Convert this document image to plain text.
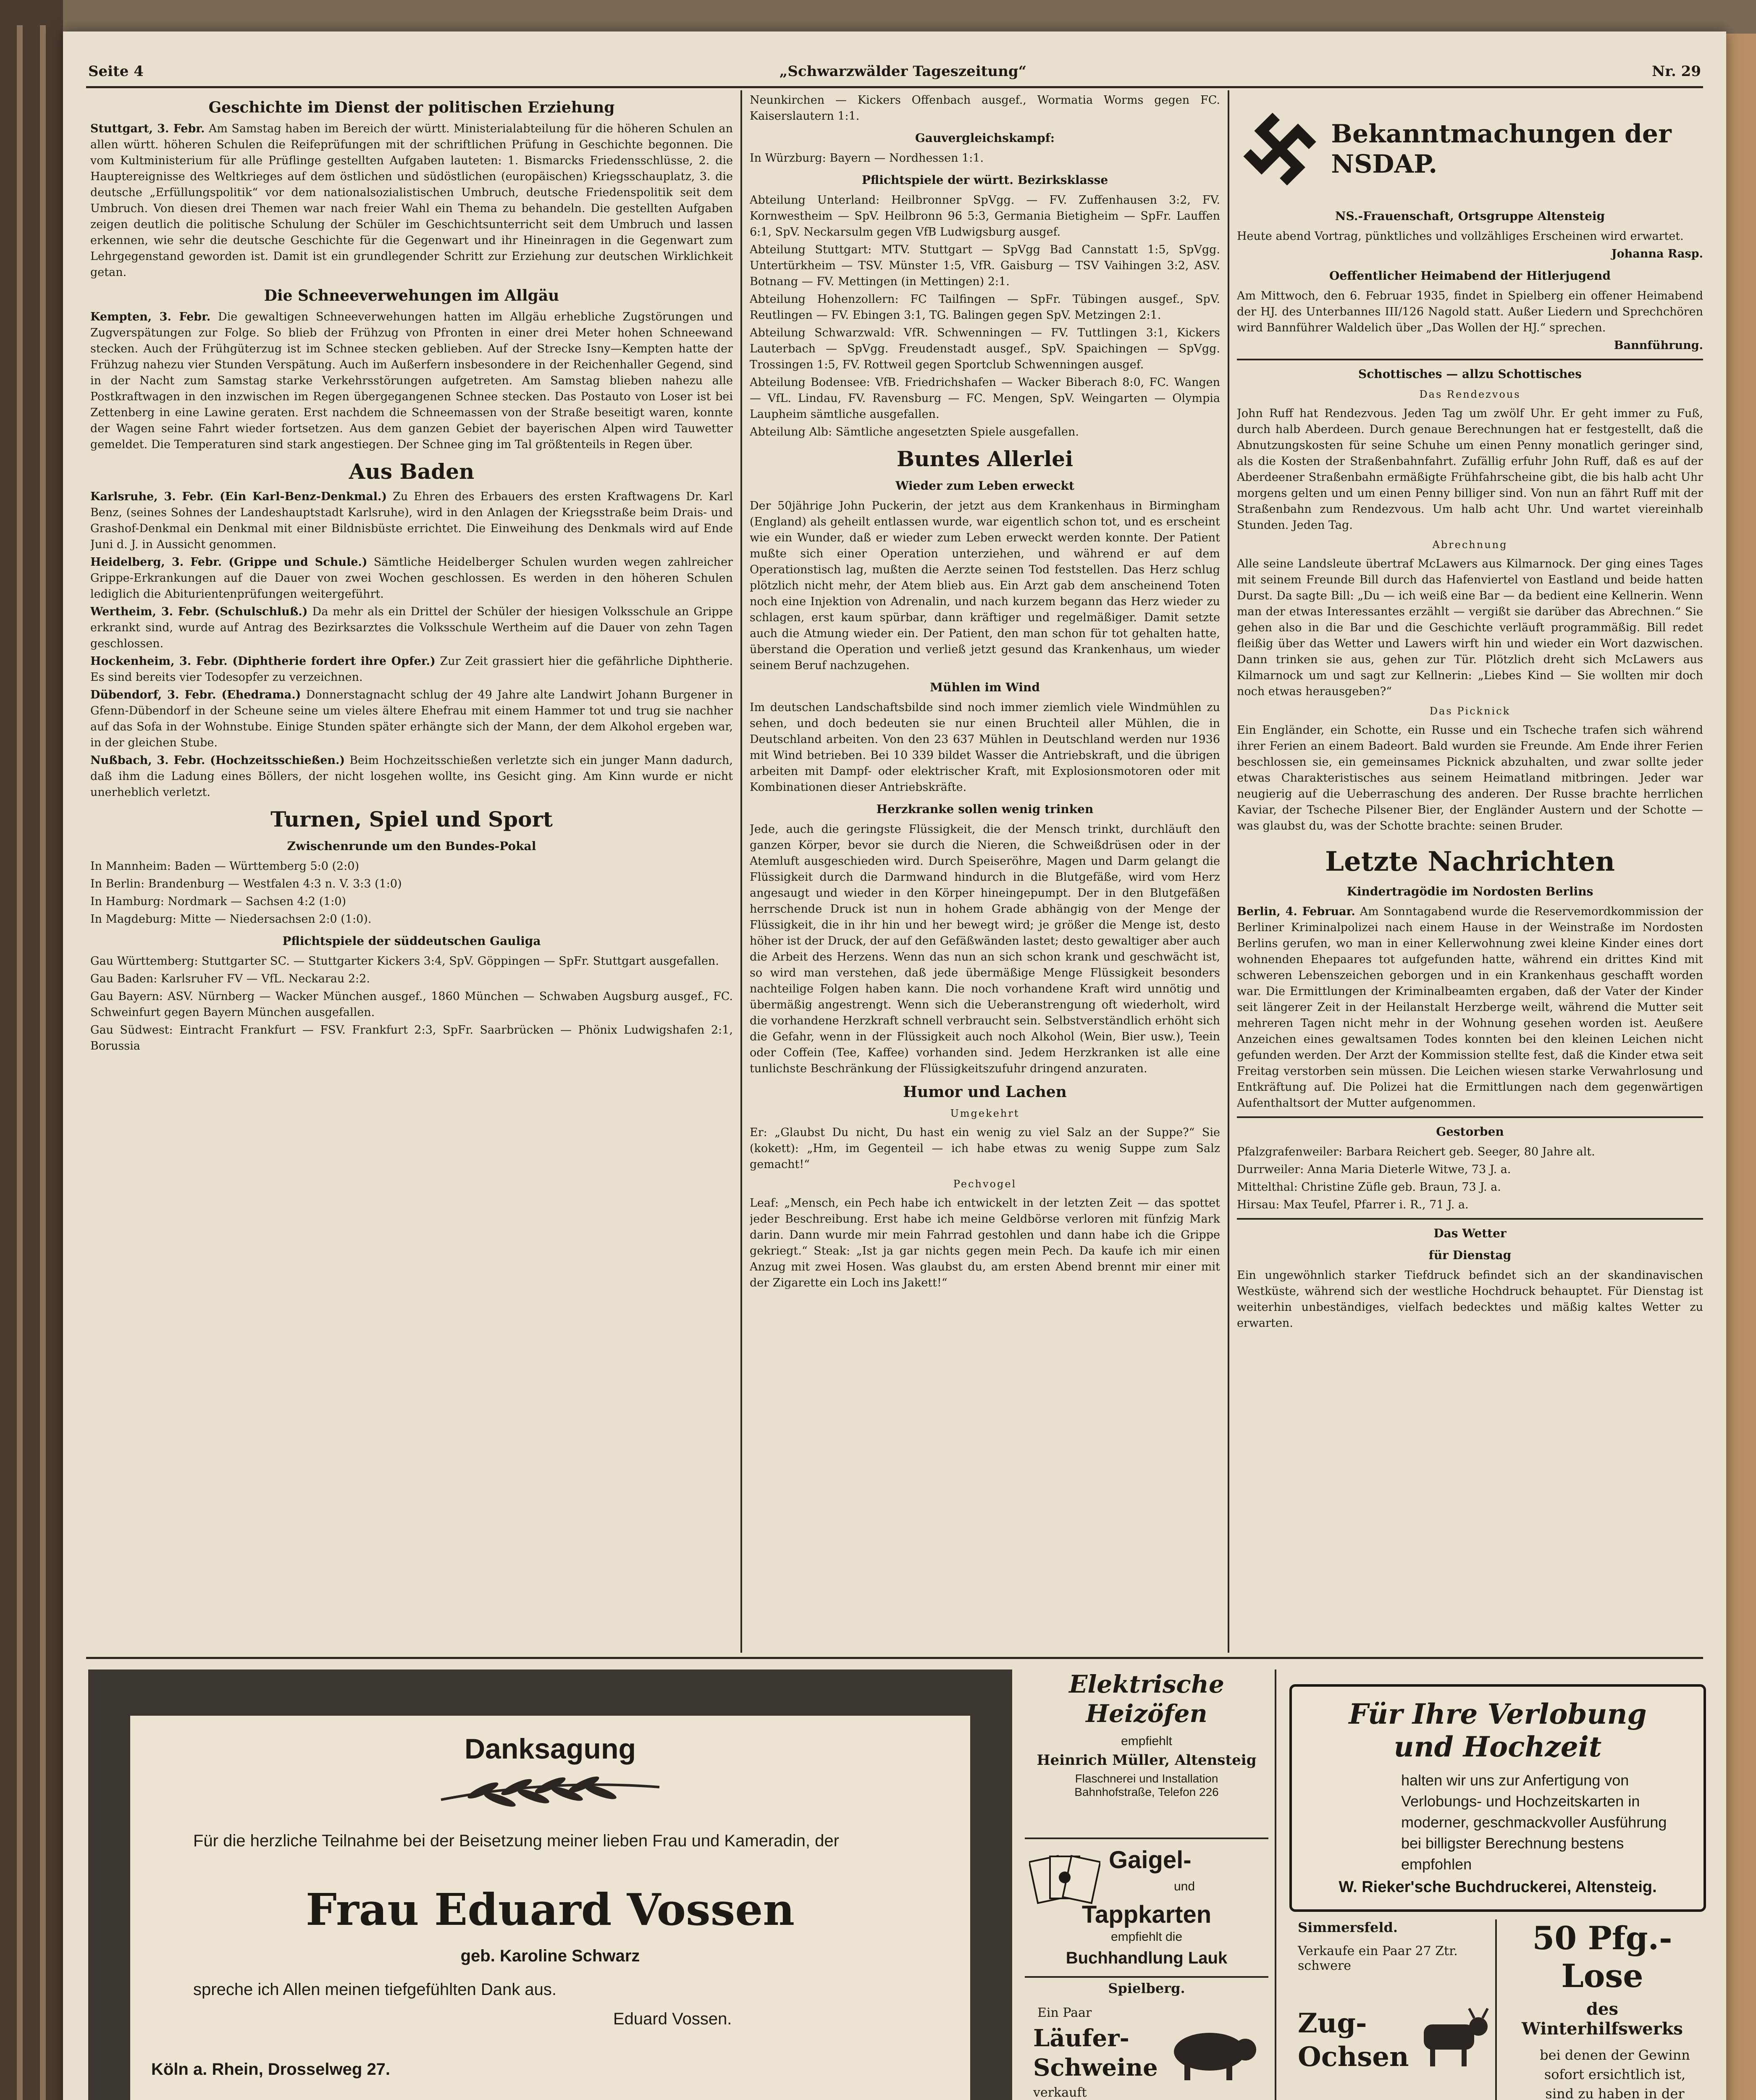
Seite 4	„Schwarzwälder Tageszeitung“	Nr. 29
Geschichte im Dienst der politischen Erziehung

Stuttgart, 3. Febr. Am Samstag haben im Bereich der württ. Ministerialabteilung für die höheren Schulen an allen württ. höheren Schulen die Reifeprüfungen mit der schriftlichen Prüfung in Geschichte begonnen. Die vom Kultministerium für alle Prüflinge gestellten Aufgaben lauteten: 1. Bismarcks Friedensschlüsse, 2. die Hauptereignisse des Weltkrieges auf dem östlichen und südöstlichen (europäischen) Kriegsschauplatz, 3. die deutsche „Erfüllungspolitik“ vor dem nationalsozialistischen Umbruch, deutsche Friedenspolitik seit dem Umbruch. Von diesen drei Themen war nach freier Wahl ein Thema zu behandeln. Die gestellten Aufgaben zeigen deutlich die politische Schulung der Schüler im Geschichtsunterricht seit dem Umbruch und lassen erkennen, wie sehr die deutsche Geschichte für die Gegenwart und ihr Hineinragen in die Gegenwart zum Lehrgegenstand geworden ist. Damit ist ein grundlegender Schritt zur Erziehung zur deutschen Wirklichkeit getan.

Die Schneeverwehungen im Allgäu

Kempten, 3. Febr. Die gewaltigen Schneeverwehungen hatten im Allgäu erhebliche Zugstörungen und Zugverspätungen zur Folge. So blieb der Frühzug von Pfronten in einer drei Meter hohen Schneewand stecken. Auch der Frühgüterzug ist im Schnee stecken geblieben. Auf der Strecke Isny—Kempten hatte der Frühzug nahezu vier Stunden Verspätung. Auch im Außerfern insbesondere in der Reichenhaller Gegend, sind in der Nacht zum Samstag starke Verkehrsstörungen aufgetreten. Am Samstag blieben nahezu alle Postkraftwagen in den inzwischen im Regen übergegangenen Schnee stecken. Das Postauto von Loser ist bei Zettenberg in eine Lawine geraten. Erst nachdem die Schneemassen von der Straße beseitigt waren, konnte der Wagen seine Fahrt wieder fortsetzen. Aus dem ganzen Gebiet der bayerischen Alpen wird Tauwetter gemeldet. Die Temperaturen sind stark angestiegen. Der Schnee ging im Tal größtenteils in Regen über.

Aus Baden

Karlsruhe, 3. Febr. (Ein Karl-Benz-Denkmal.) Zu Ehren des Erbauers des ersten Kraftwagens Dr. Karl Benz, (seines Sohnes der Landeshauptstadt Karlsruhe), wird in den Anlagen der Kriegsstraße beim Drais- und Grashof-Denkmal ein Denkmal mit einer Bildnisbüste errichtet. Die Einweihung des Denkmals wird auf Ende Juni d. J. in Aussicht genommen.

Heidelberg, 3. Febr. (Grippe und Schule.) Sämtliche Heidelberger Schulen wurden wegen zahlreicher Grippe-Erkrankungen auf die Dauer von zwei Wochen geschlossen. Es werden in den höheren Schulen lediglich die Abiturientenprüfungen weitergeführt.

Wertheim, 3. Febr. (Schulschluß.) Da mehr als ein Drittel der Schüler der hiesigen Volksschule an Grippe erkrankt sind, wurde auf Antrag des Bezirksarztes die Volksschule Wertheim auf die Dauer von zehn Tagen geschlossen.

Hockenheim, 3. Febr. (Diphtherie fordert ihre Opfer.) Zur Zeit grassiert hier die gefährliche Diphtherie. Es sind bereits vier Todesopfer zu verzeichnen.

Dübendorf, 3. Febr. (Ehedrama.) Donnerstagnacht schlug der 49 Jahre alte Landwirt Johann Burgener in Gfenn-Dübendorf in der Scheune seine um vieles ältere Ehefrau mit einem Hammer tot und trug sie nachher auf das Sofa in der Wohnstube. Einige Stunden später erhängte sich der Mann, der dem Alkohol ergeben war, in der gleichen Stube.

Nußbach, 3. Febr. (Hochzeitsschießen.) Beim Hochzeitsschießen verletzte sich ein junger Mann dadurch, daß ihm die Ladung eines Böllers, der nicht losgehen wollte, ins Gesicht ging. Am Kinn wurde er nicht unerheblich verletzt.

Turnen, Spiel und Sport
Zwischenrunde um den Bundes-Pokal

In Mannheim: Baden — Württemberg 5:0 (2:0)

In Berlin: Brandenburg — Westfalen 4:3 n. V. 3:3 (1:0)

In Hamburg: Nordmark — Sachsen 4:2 (1:0)

In Magdeburg: Mitte — Niedersachsen 2:0 (1:0).

Pflichtspiele der süddeutschen Gauliga

Gau Württemberg: Stuttgarter SC. — Stuttgarter Kickers 3:4, SpV. Göppingen — SpFr. Stuttgart ausgefallen.

Gau Baden: Karlsruher FV — VfL. Neckarau 2:2.

Gau Bayern: ASV. Nürnberg — Wacker München ausgef., 1860 München — Schwaben Augsburg ausgef., FC. Schweinfurt gegen Bayern München ausgefallen.

Gau Südwest: Eintracht Frankfurt — FSV. Frankfurt 2:3, SpFr. Saarbrücken — Phönix Ludwigshafen 2:1, Borussia

Neunkirchen — Kickers Offenbach ausgef., Wormatia Worms gegen FC. Kaiserslautern 1:1.

Gauvergleichskampf:

In Würzburg: Bayern — Nordhessen 1:1.

Pflichtspiele der württ. Bezirksklasse

Abteilung Unterland: Heilbronner SpVgg. — FV. Zuffenhausen 3:2, FV. Kornwestheim — SpV. Heilbronn 96 5:3, Germania Bietigheim — SpFr. Lauffen 6:1, SpV. Neckarsulm gegen VfB Ludwigsburg ausgef.

Abteilung Stuttgart: MTV. Stuttgart — SpVgg Bad Cannstatt 1:5, SpVgg. Untertürkheim — TSV. Münster 1:5, VfR. Gaisburg — TSV Vaihingen 3:2, ASV. Botnang — FV. Mettingen (in Mettingen) 2:1.

Abteilung Hohenzollern: FC Tailfingen — SpFr. Tübingen ausgef., SpV. Reutlingen — FV. Ebingen 3:1, TG. Balingen gegen SpV. Metzingen 2:1.

Abteilung Schwarzwald: VfR. Schwenningen — FV. Tuttlingen 3:1, Kickers Lauterbach — SpVgg. Freudenstadt ausgef., SpV. Spaichingen — SpVgg. Trossingen 1:5, FV. Rottweil gegen Sportclub Schwenningen ausgef.

Abteilung Bodensee: VfB. Friedrichshafen — Wacker Biberach 8:0, FC. Wangen — VfL. Lindau, FV. Ravensburg — FC. Mengen, SpV. Weingarten — Olympia Laupheim sämtliche ausgefallen.

Abteilung Alb: Sämtliche angesetzten Spiele ausgefallen.

Buntes Allerlei
Wieder zum Leben erweckt

Der 50jährige John Puckerin, der jetzt aus dem Krankenhaus in Birmingham (England) als geheilt entlassen wurde, war eigentlich schon tot, und es erscheint wie ein Wunder, daß er wieder zum Leben erweckt werden konnte. Der Patient mußte sich einer Operation unterziehen, und während er auf dem Operationstisch lag, mußten die Aerzte seinen Tod feststellen. Das Herz schlug plötzlich nicht mehr, der Atem blieb aus. Ein Arzt gab dem anscheinend Toten noch eine Injektion von Adrenalin, und nach kurzem begann das Herz wieder zu schlagen, erst kaum spürbar, dann kräftiger und regelmäßiger. Damit setzte auch die Atmung wieder ein. Der Patient, den man schon für tot gehalten hatte, überstand die Operation und verließ jetzt gesund das Krankenhaus, um wieder seinem Beruf nachzugehen.

Mühlen im Wind

Im deutschen Landschaftsbilde sind noch immer ziemlich viele Windmühlen zu sehen, und doch bedeuten sie nur einen Bruchteil aller Mühlen, die in Deutschland arbeiten. Von den 23 637 Mühlen in Deutschland werden nur 1936 mit Wind betrieben. Bei 10 339 bildet Wasser die Antriebskraft, und die übrigen arbeiten mit Dampf- oder elektrischer Kraft, mit Explosionsmotoren oder mit Kombinationen dieser Antriebskräfte.

Herzkranke sollen wenig trinken

Jede, auch die geringste Flüssigkeit, die der Mensch trinkt, durchläuft den ganzen Körper, bevor sie durch die Nieren, die Schweißdrüsen oder in der Atemluft ausgeschieden wird. Durch Speiseröhre, Magen und Darm gelangt die Flüssigkeit durch die Darmwand hindurch in die Blutgefäße, wird vom Herz angesaugt und wieder in den Körper hineingepumpt. Der in den Blutgefäßen herrschende Druck ist nun in hohem Grade abhängig von der Menge der Flüssigkeit, die in ihr hin und her bewegt wird; je größer die Menge ist, desto höher ist der Druck, der auf den Gefäßwänden lastet; desto gewaltiger aber auch die Arbeit des Herzens. Wenn das nun an sich schon krank und geschwächt ist, so wird man verstehen, daß jede übermäßige Menge Flüssigkeit besonders nachteilige Folgen haben kann. Die noch vorhandene Kraft wird unnötig und übermäßig angestrengt. Wenn sich die Ueberanstrengung oft wiederholt, wird die vorhandene Herzkraft schnell verbraucht sein. Selbstverständlich erhöht sich die Gefahr, wenn in der Flüssigkeit auch noch Alkohol (Wein, Bier usw.), Teein oder Coffein (Tee, Kaffee) vorhanden sind. Jedem Herzkranken ist alle eine tunlichste Beschränkung der Flüssigkeitszufuhr dringend anzuraten.

Humor und Lachen
Umgekehrt

Er: „Glaubst Du nicht, Du hast ein wenig zu viel Salz an der Suppe?“ Sie (kokett): „Hm, im Gegenteil — ich habe etwas zu wenig Suppe zum Salz gemacht!“

Pechvogel

Leaf: „Mensch, ein Pech habe ich entwickelt in der letzten Zeit — das spottet jeder Beschreibung. Erst habe ich meine Geldbörse verloren mit fünfzig Mark darin. Dann wurde mir mein Fahrrad gestohlen und dann habe ich die Grippe gekriegt.“ Steak: „Ist ja gar nichts gegen mein Pech. Da kaufe ich mir einen Anzug mit zwei Hosen. Was glaubst du, am ersten Abend brennt mir einer mit der Zigarette ein Loch ins Jakett!“

Bekanntmachungen der NSDAP.
NS.-Frauenschaft, Ortsgruppe Altensteig

Heute abend Vortrag, pünktliches und vollzähliges Erscheinen wird erwartet.

Johanna Rasp.

Oeffentlicher Heimabend der Hitlerjugend

Am Mittwoch, den 6. Februar 1935, findet in Spielberg ein offener Heimabend der HJ. des Unterbannes III/126 Nagold statt. Außer Liedern und Sprechchören wird Bannführer Waldelich über „Das Wollen der HJ.“ sprechen.

Bannführung.

Schottisches — allzu Schottisches
Das Rendezvous

John Ruff hat Rendezvous. Jeden Tag um zwölf Uhr. Er geht immer zu Fuß, durch halb Aberdeen. Durch genaue Berechnungen hat er festgestellt, daß die Abnutzungskosten für seine Schuhe um einen Penny monatlich geringer sind, als die Kosten der Straßenbahnfahrt. Zufällig erfuhr John Ruff, daß es auf der Aberdeener Straßenbahn ermäßigte Frühfahrscheine gibt, die bis halb acht Uhr morgens gelten und um einen Penny billiger sind. Von nun an fährt Ruff mit der Straßenbahn zum Rendezvous. Um halb acht Uhr. Und wartet viereinhalb Stunden. Jeden Tag.

Abrechnung

Alle seine Landsleute übertraf McLawers aus Kilmarnock. Der ging eines Tages mit seinem Freunde Bill durch das Hafenviertel von Eastland und beide hatten Durst. Da sagte Bill: „Du — ich weiß eine Bar — da bedient eine Kellnerin. Wenn man der etwas Interessantes erzählt — vergißt sie darüber das Abrechnen.“ Sie gehen also in die Bar und die Geschichte verläuft programmäßig. Bill redet fleißig über das Wetter und Lawers wirft hin und wieder ein Wort dazwischen. Dann trinken sie aus, gehen zur Tür. Plötzlich dreht sich McLawers aus Kilmarnock um und sagt zur Kellnerin: „Liebes Kind — Sie wollten mir doch noch etwas herausgeben?“

Das Picknick

Ein Engländer, ein Schotte, ein Russe und ein Tscheche trafen sich während ihrer Ferien an einem Badeort. Bald wurden sie Freunde. Am Ende ihrer Ferien beschlossen sie, ein gemeinsames Picknick abzuhalten, und zwar sollte jeder etwas Charakteristisches aus seinem Heimatland mitbringen. Jeder war neugierig auf die Ueberraschung des anderen. Der Russe brachte herrlichen Kaviar, der Tscheche Pilsener Bier, der Engländer Austern und der Schotte — was glaubst du, was der Schotte brachte: seinen Bruder.

Letzte Nachrichten
Kindertragödie im Nordosten Berlins

Berlin, 4. Februar. Am Sonntagabend wurde die Reservemordkommission der Berliner Kriminalpolizei nach einem Hause in der Weinstraße im Nordosten Berlins gerufen, wo man in einer Kellerwohnung zwei kleine Kinder eines dort wohnenden Ehepaares tot aufgefunden hatte, während ein drittes Kind mit schweren Lebenszeichen geborgen und in ein Krankenhaus geschafft worden war. Die Ermittlungen der Kriminalbeamten ergaben, daß der Vater der Kinder seit längerer Zeit in der Heilanstalt Herzberge weilt, während die Mutter seit mehreren Tagen nicht mehr in der Wohnung gesehen worden ist. Aeußere Anzeichen eines gewaltsamen Todes konnten bei den kleinen Leichen nicht gefunden werden. Der Arzt der Kommission stellte fest, daß die Kinder etwa seit Freitag verstorben sein müssen. Die Leichen wiesen starke Verwahrlosung und Entkräftung auf. Die Polizei hat die Ermittlungen nach dem gegenwärtigen Aufenthaltsort der Mutter aufgenommen.

Gestorben

Pfalzgrafenweiler: Barbara Reichert geb. Seeger, 80 Jahre alt.

Durrweiler: Anna Maria Dieterle Witwe, 73 J. a.

Mittelthal: Christine Züfle geb. Braun, 73 J. a.

Hirsau: Max Teufel, Pfarrer i. R., 71 J. a.

Das Wetter
für Dienstag

Ein ungewöhnlich starker Tiefdruck befindet sich an der skandinavischen Westküste, während sich der westliche Hochdruck behauptet. Für Dienstag ist weiterhin unbeständiges, vielfach bedecktes und mäßig kaltes Wetter zu erwarten.

Danksagung
Für die herzliche Teilnahme bei der Beisetzung meiner lieben Frau und Kameradin, der
Frau Eduard Vossen
geb. Karoline Schwarz
spreche ich Allen meinen tiefgefühlten Dank aus.
Eduard Vossen.
Köln a. Rhein, Drosselweg 27.
Elektrische Heizöfen
empfiehlt
Heinrich Müller, Altensteig
Flaschnerei und Installation
Bahnhofstraße, Telefon 226
Gaigel-
und
Tappkarten
empfiehlt die
Buchhandlung Lauk
Spielberg.
Ein Paar
Läufer-
Schweine
verkauft
Für Ihre Verlobung
und Hochzeit
halten wir uns zur Anfertigung von Verlobungs- und Hochzeitskarten in moderner, geschmackvoller Ausführung bei billigster Berechnung bestens empfohlen
W. Rieker'sche Buchdruckerei, Altensteig.
Simmersfeld.
Verkaufe ein Paar 27 Ztr. schwere
Zug-
Ochsen
50 Pfg.-Lose
des Winterhilfswerks
bei denen der Gewinn sofort ersichtlich ist, sind zu haben in der
